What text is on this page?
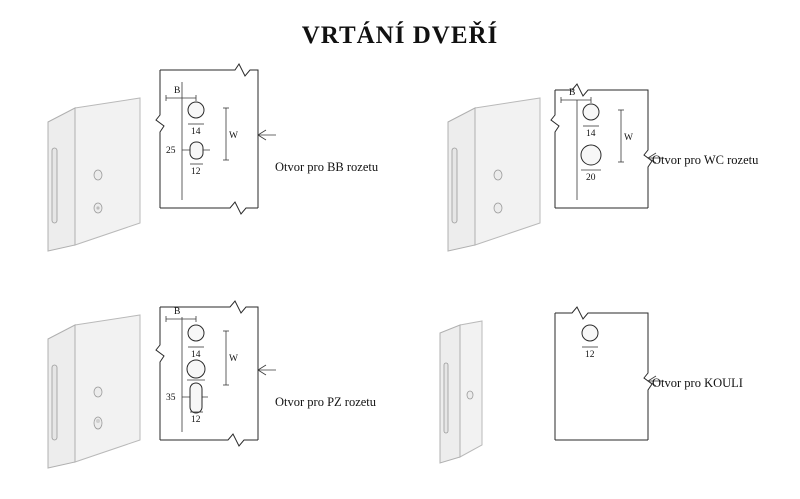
VRTÁNÍ DVEŘÍ
B
W
14
25
12	Otvor pro BB rozetu
B
W
14
20
Otvor pro WC rozetu
B
W
14
35
12
Otvor pro PZ rozetu
12
Otvor pro KOULI
